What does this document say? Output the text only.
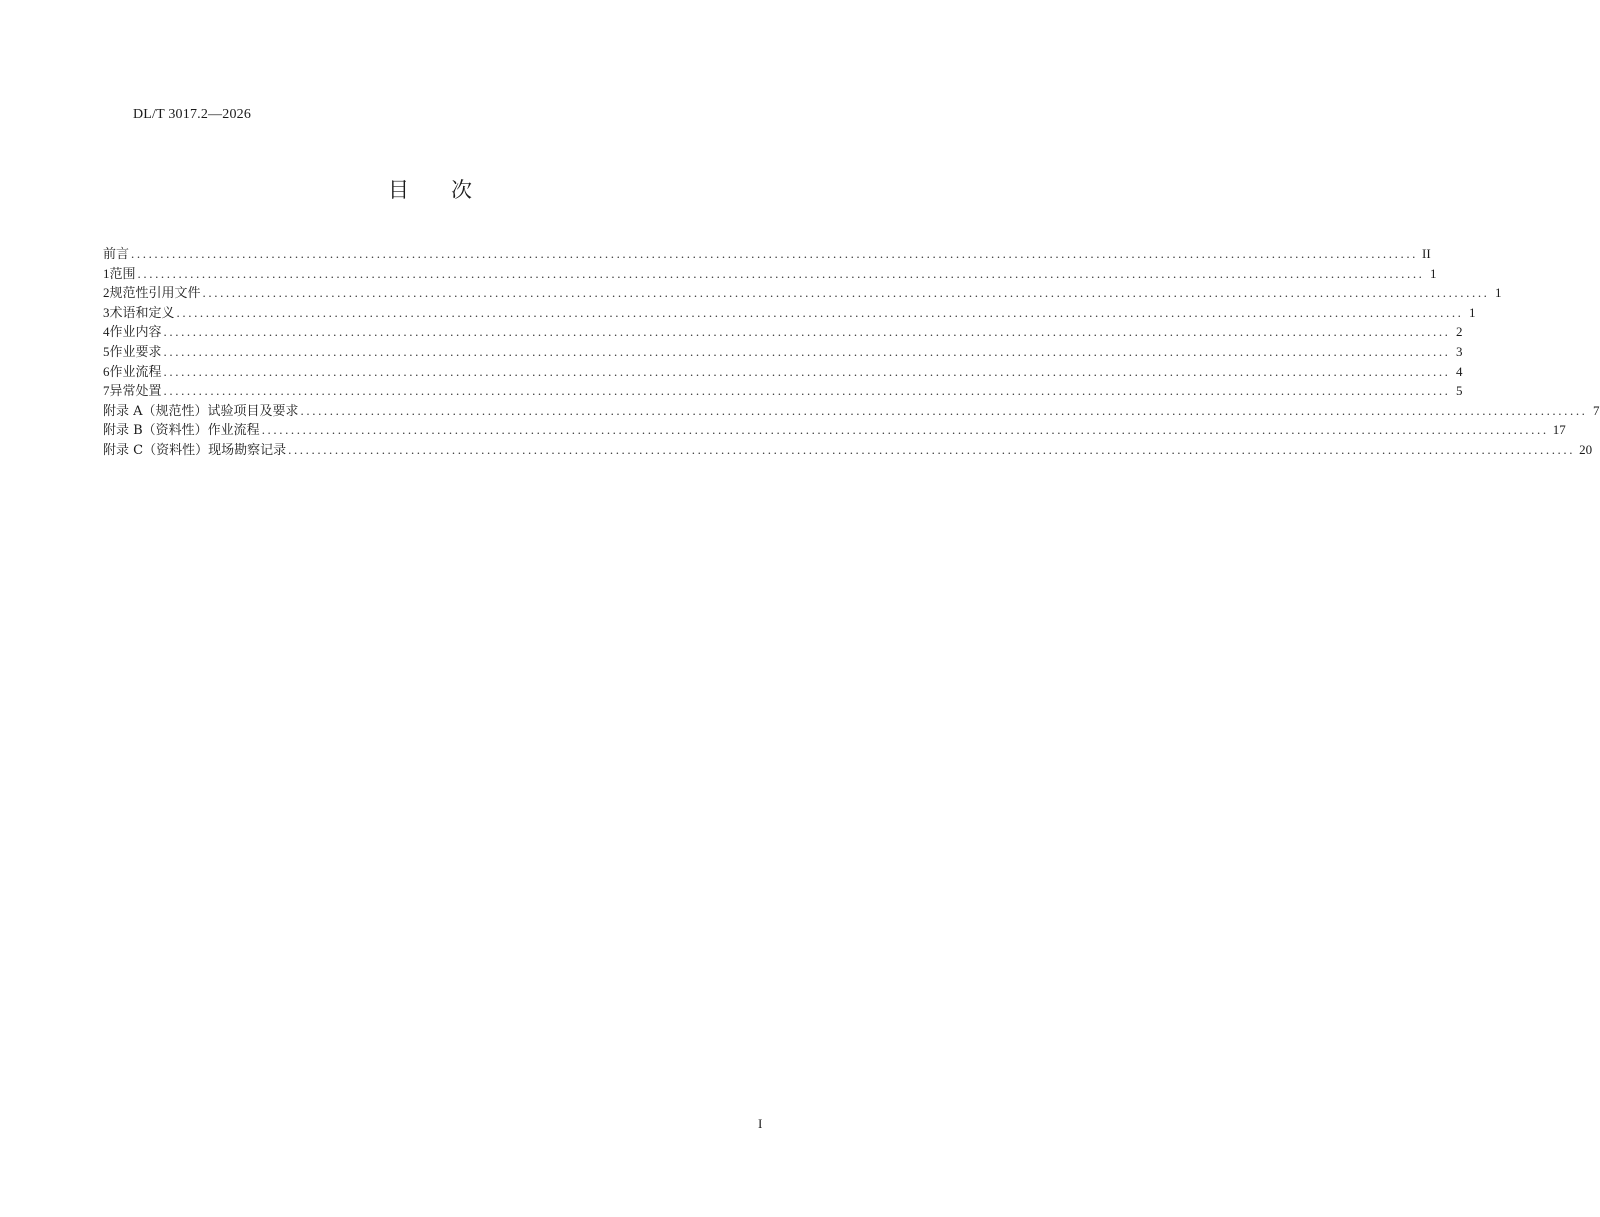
DL/T 3017.2—2026
目 次
前言 ............................................................................................................................................................................................................................ II
1 范围 ............................................................................................................................................................................................................................ 1
2 规范性引用文件 ............................................................................................................................................................................................................................ 1
3 术语和定义 ............................................................................................................................................................................................................................ 1
4 作业内容 ............................................................................................................................................................................................................................ 2
5 作业要求 ............................................................................................................................................................................................................................ 3
6 作业流程 ............................................................................................................................................................................................................................ 4
7 异常处置 ............................................................................................................................................................................................................................ 5
附录 A（规范性）试验项目及要求 ............................................................................................................................................................................................................................ 7
附录 B（资料性）作业流程 ............................................................................................................................................................................................................................ 17
附录 C（资料性）现场勘察记录 ............................................................................................................................................................................................................................ 20
I
